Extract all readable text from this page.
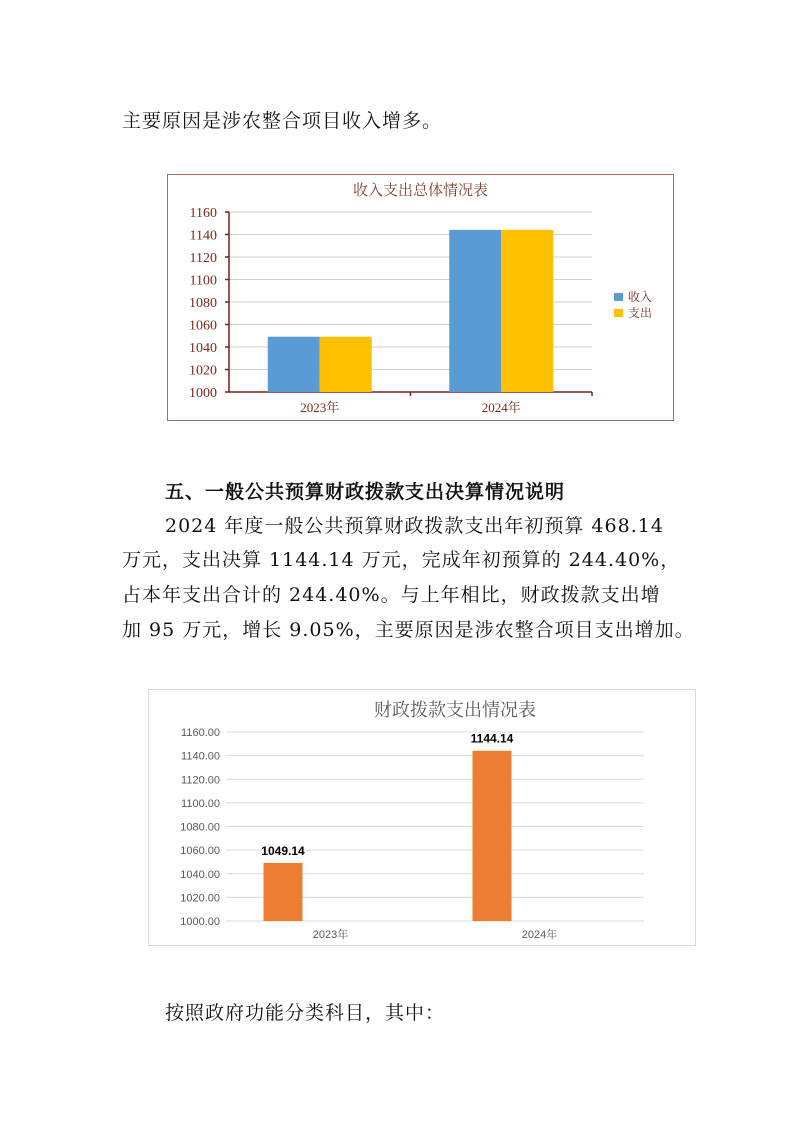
主要原因是涉农整合项目收入增多。
收入支出总体情况表
1000
1020
1040
1060
1080
1100
1120
1140
1160
2023年	2024年
收入
支出
五、一般公共预算财政拨款支出决算情况说明
2024 年度一般公共预算财政拨款支出年初预算 468.14
万元，支出决算 1144.14 万元，完成年初预算的 244.40%，
占本年支出合计的 244.40%。与上年相比，财政拨款支出增
加 95 万元，增长 9.05%，主要原因是涉农整合项目支出增加。
财政拨款支出情况表
1000.00
1020.00
1040.00
1060.00
1080.00
1100.00
1120.00
1140.00
1160.00
1049.14
2023年
1144.14
2024年
按照政府功能分类科目，其中：
